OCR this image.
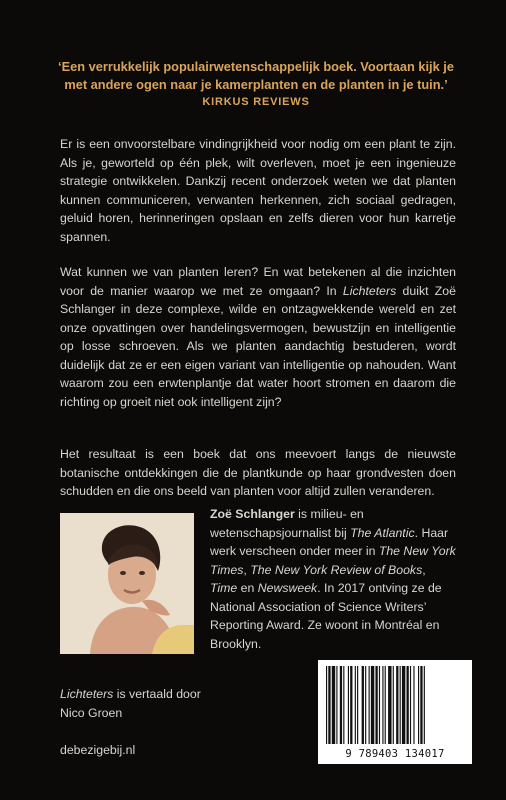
‘Een verrukkelijk populairwetenschappelijk boek. Voortaan kijk je met andere ogen naar je kamerplanten en de planten in je tuin.’
KIRKUS REVIEWS
Er is een onvoorstelbare vindingrijkheid voor nodig om een plant te zijn. Als je, geworteld op één plek, wilt overleven, moet je een ingenieuze strategie ontwikkelen. Dankzij recent onderzoek weten we dat planten kunnen communiceren, verwanten herkennen, zich sociaal gedragen, geluid horen, herinneringen opslaan en zelfs dieren voor hun karretje spannen.
Wat kunnen we van planten leren? En wat betekenen al die inzichten voor de manier waarop we met ze omgaan? In Lichteters duikt Zoë Schlanger in deze complexe, wilde en ontzagwekkende wereld en zet onze opvattingen over handelingsvermogen, bewustzijn en intelligentie op losse schroeven. Als we planten aandachtig bestuderen, wordt duidelijk dat ze er een eigen variant van intelligentie op nahouden. Want waarom zou een erwtenplantje dat water hoort stromen en daarom die richting op groeit niet ook intelligent zijn?
Het resultaat is een boek dat ons meevoert langs de nieuwste botanische ontdekkingen die de plantkunde op haar grondvesten doen schudden en die ons beeld van planten voor altijd zullen veranderen.
Zoë Schlanger is milieu- en wetenschapsjournalist bij The Atlantic. Haar werk verscheen onder meer in The New York Times, The New York Review of Books, Time en Newsweek. In 2017 ontving ze de National Association of Science Writers’ Reporting Award. Ze woont in Montréal en Brooklyn.
Lichteters is vertaald door
Nico Groen
debezigebij.nl	9 789403 134017
